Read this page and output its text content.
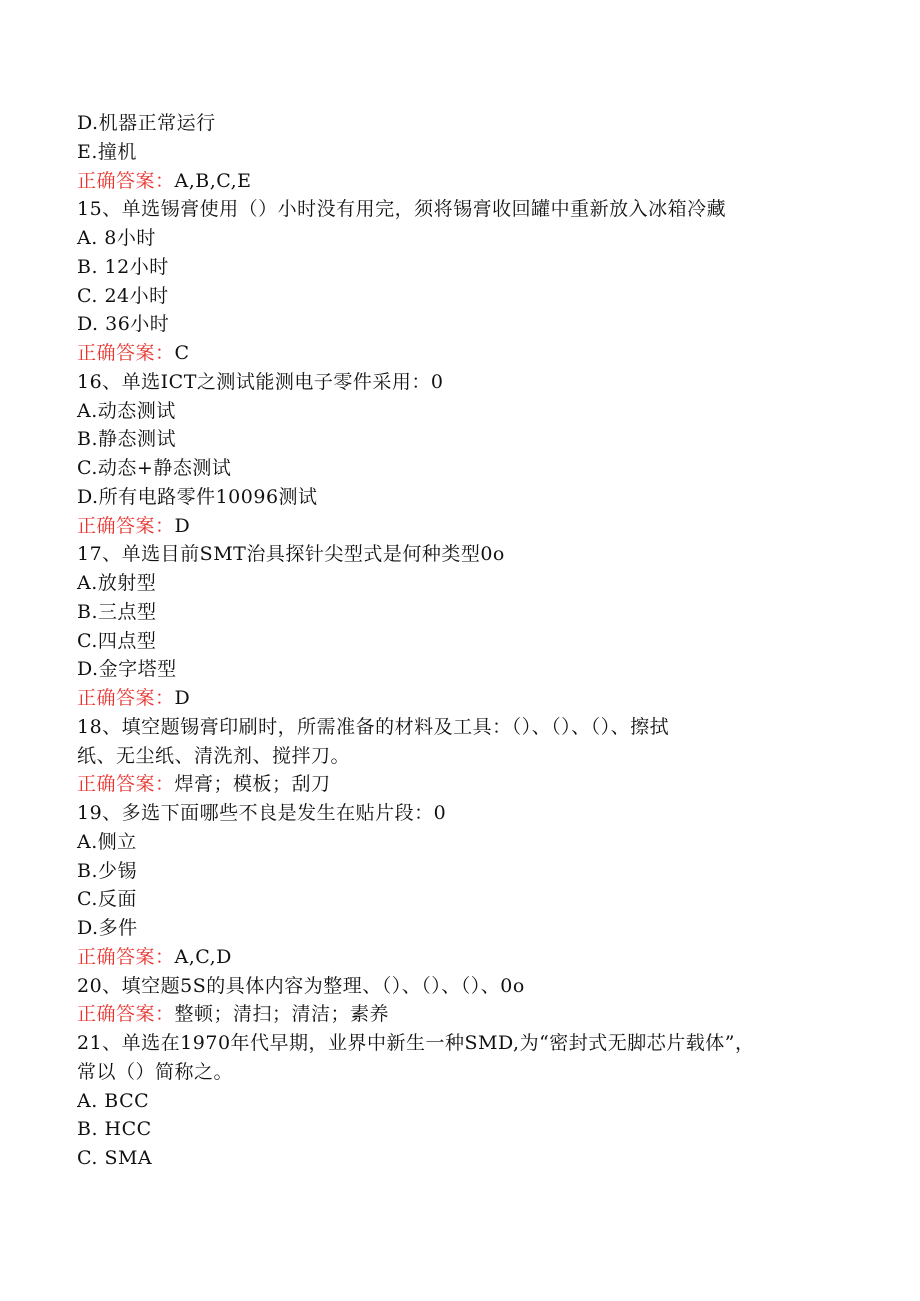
D.机器正常运行
E.撞机
正确答案：A,B,C,E
15、单选锡膏使用（）小时没有用完，须将锡膏收回罐中重新放入冰箱冷藏
A. 8小时
B. 12小时
C. 24小时
D. 36小时
正确答案：C
16、单选ICT之测试能测电子零件采用：0
A.动态测试
B.静态测试
C.动态+静态测试
D.所有电路零件10096测试
正确答案：D
17、单选目前SMT治具探针尖型式是何种类型0o
A.放射型
B.三点型
C.四点型
D.金字塔型
正确答案：D
18、填空题锡膏印刷时，所需准备的材料及工具：（）、（）、（）、擦拭
纸、无尘纸、清洗剂、搅拌刀。
正确答案：焊膏；模板；刮刀
19、多选下面哪些不良是发生在贴片段：0
A.侧立
B.少锡
C.反面
D.多件
正确答案：A,C,D
20、填空题5S的具体内容为整理、（）、（）、（）、0o
正确答案：整顿；清扫；清洁；素养
21、单选在1970年代早期，业界中新生一种SMD,为“密封式无脚芯片载体”，
常以（）简称之。
A. BCC
B. HCC
C. SMA
